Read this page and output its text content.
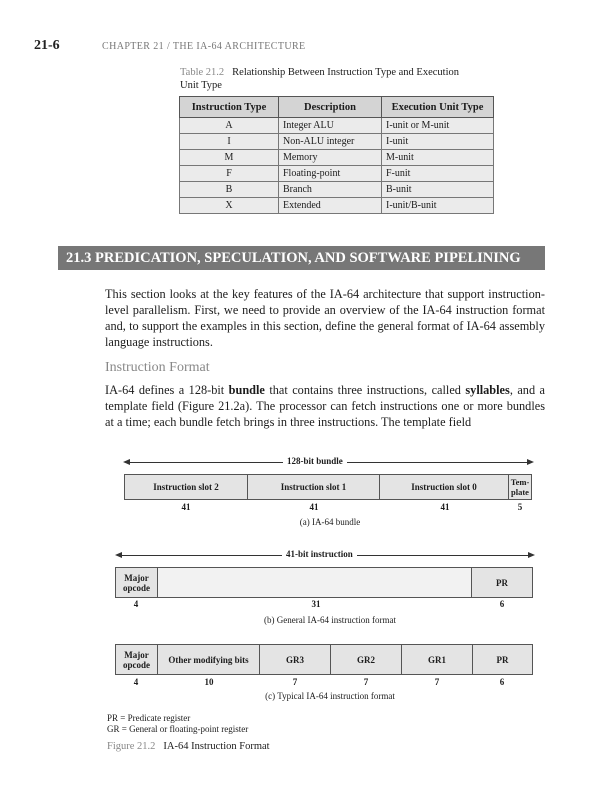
21-6	CHAPTER 21 / THE IA-64 ARCHITECTURE
Table 21.2 Relationship Between Instruction Type and Execution Unit Type
Instruction Type	Description	Execution Unit Type
A	Integer ALU	I-unit or M-unit
I	Non-ALU integer	I-unit
M	Memory	M-unit
F	Floating-point	F-unit
B	Branch	B-unit
X	Extended	I-unit/B-unit
21.3 PREDICATION, SPECULATION, AND SOFTWARE PIPELINING
This section looks at the key features of the IA-64 architecture that support instruction-level parallelism. First, we need to provide an overview of the IA-64 instruction format and, to support the examples in this section, define the general format of IA-64 assembly language instructions.
Instruction Format
IA-64 defines a 128-bit bundle that contains three instructions, called syllables, and a template field (Figure 21.2a). The processor can fetch instructions one or more bundles at a time; each bundle fetch brings in three instructions. The template field
128-bit bundle
Instruction slot 2	Instruction slot 1	Instruction slot 0	Tem-
plate
41	41	41	5
(a) IA-64 bundle
41-bit instruction
Major
opcode	PR
4	31	6
(b) General IA-64 instruction format
Major
opcode	Other modifying bits	GR3	GR2	GR1	PR
4	10	7	7	7	6
(c) Typical IA-64 instruction format
PR = Predicate register
GR = General or floating-point register
Figure 21.2 IA-64 Instruction Format
